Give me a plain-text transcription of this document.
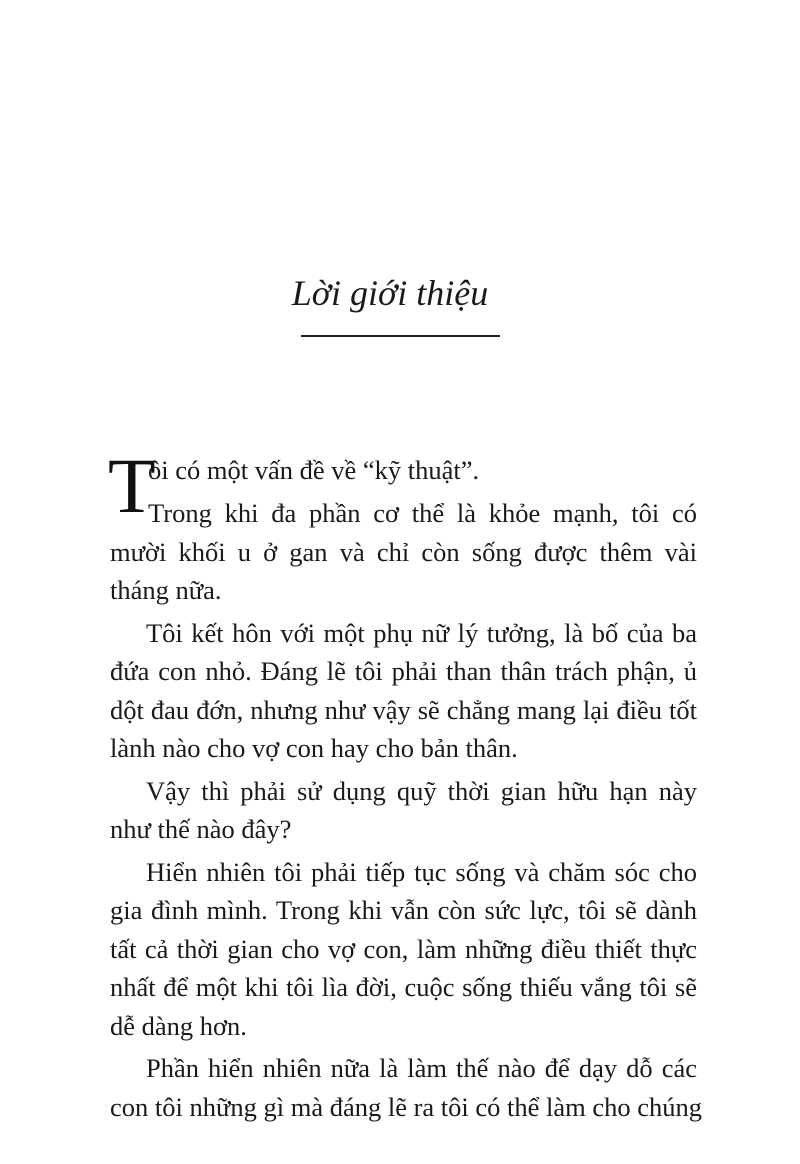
Lời giới thiệu
T
ôi có một vấn đề về “kỹ thuật”.
Trong khi đa phần cơ thể là khỏe mạnh, tôi có
mười khối u ở gan và chỉ còn sống được thêm vài
tháng nữa.
Tôi kết hôn với một phụ nữ lý tưởng, là bố của ba
đứa con nhỏ. Đáng lẽ tôi phải than thân trách phận, ủ
dột đau đớn, nhưng như vậy sẽ chẳng mang lại điều tốt
lành nào cho vợ con hay cho bản thân.
Vậy thì phải sử dụng quỹ thời gian hữu hạn này
như thế nào đây?
Hiển nhiên tôi phải tiếp tục sống và chăm sóc cho
gia đình mình. Trong khi vẫn còn sức lực, tôi sẽ dành
tất cả thời gian cho vợ con, làm những điều thiết thực
nhất để một khi tôi lìa đời, cuộc sống thiếu vắng tôi sẽ
dễ dàng hơn.
Phần hiển nhiên nữa là làm thế nào để dạy dỗ các
con tôi những gì mà đáng lẽ ra tôi có thể làm cho chúng
